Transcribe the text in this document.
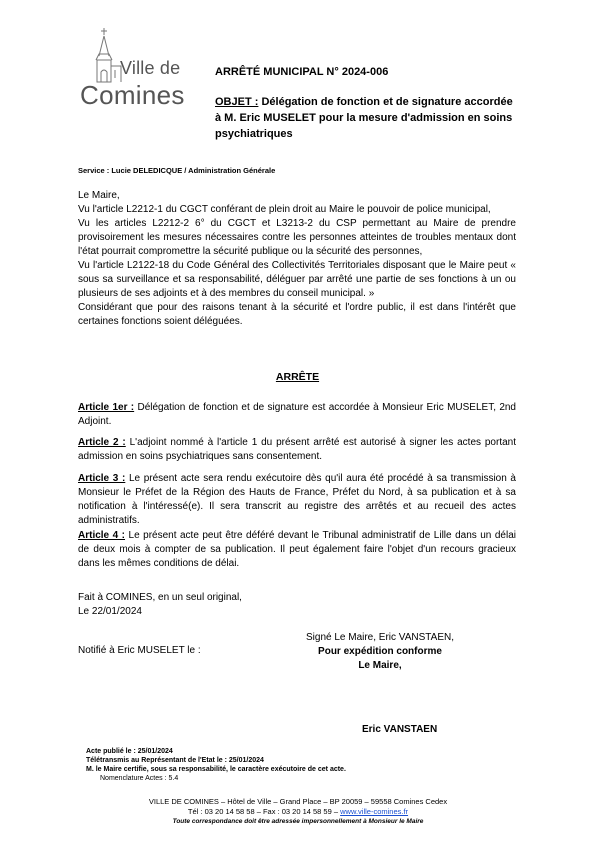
Ville de
Comines
ARRÊTÉ MUNICIPAL N° 2024-006
OBJET : Délégation de fonction et de signature accordée à M. Eric MUSELET pour la mesure d'admission en soins psychiatriques
Service : Lucie DELEDICQUE / Administration Générale
Le Maire,
Vu l'article L2212-1 du CGCT conférant de plein droit au Maire le pouvoir de police municipal,
Vu les articles L2212-2 6° du CGCT et L3213-2 du CSP permettant au Maire de prendre provisoirement les mesures nécessaires contre les personnes atteintes de troubles mentaux dont l'état pourrait compromettre la sécurité publique ou la sécurité des personnes,
Vu l'article L2122-18 du Code Général des Collectivités Territoriales disposant que le Maire peut « sous sa surveillance et sa responsabilité, déléguer par arrêté une partie de ses fonctions à un ou plusieurs de ses adjoints et à des membres du conseil municipal. »
Considérant que pour des raisons tenant à la sécurité et l'ordre public, il est dans l'intérêt que certaines fonctions soient déléguées.
ARRÊTE
Article 1er : Délégation de fonction et de signature est accordée à Monsieur Eric MUSELET, 2nd Adjoint.
Article 2 : L'adjoint nommé à l'article 1 du présent arrêté est autorisé à signer les actes portant admission en soins psychiatriques sans consentement.
Article 3 : Le présent acte sera rendu exécutoire dès qu'il aura été procédé à sa transmission à Monsieur le Préfet de la Région des Hauts de France, Préfet du Nord, à sa publication et à sa notification à l'intéressé(e). Il sera transcrit au registre des arrêtés et au recueil des actes administratifs.
Article 4 : Le présent acte peut être déféré devant le Tribunal administratif de Lille dans un délai de deux mois à compter de sa publication. Il peut également faire l'objet d'un recours gracieux dans les mêmes conditions de délai.
Fait à COMINES, en un seul original,
Le 22/01/2024
Signé Le Maire, Eric VANSTAEN,
Pour expédition conforme
Le Maire,
Notifié à Eric MUSELET le :
Eric VANSTAEN
Acte publié le : 25/01/2024
Télétransmis au Représentant de l'Etat le : 25/01/2024
M. le Maire certifie, sous sa responsabilité, le caractère exécutoire de cet acte.
Nomenclature Actes : 5.4
VILLE DE COMINES – Hôtel de Ville – Grand Place – BP 20059 – 59558 Comines Cedex
Tél : 03 20 14 58 58 – Fax : 03 20 14 58 59 – www.ville-comines.fr
Toute correspondance doit être adressée impersonnellement à Monsieur le Maire
